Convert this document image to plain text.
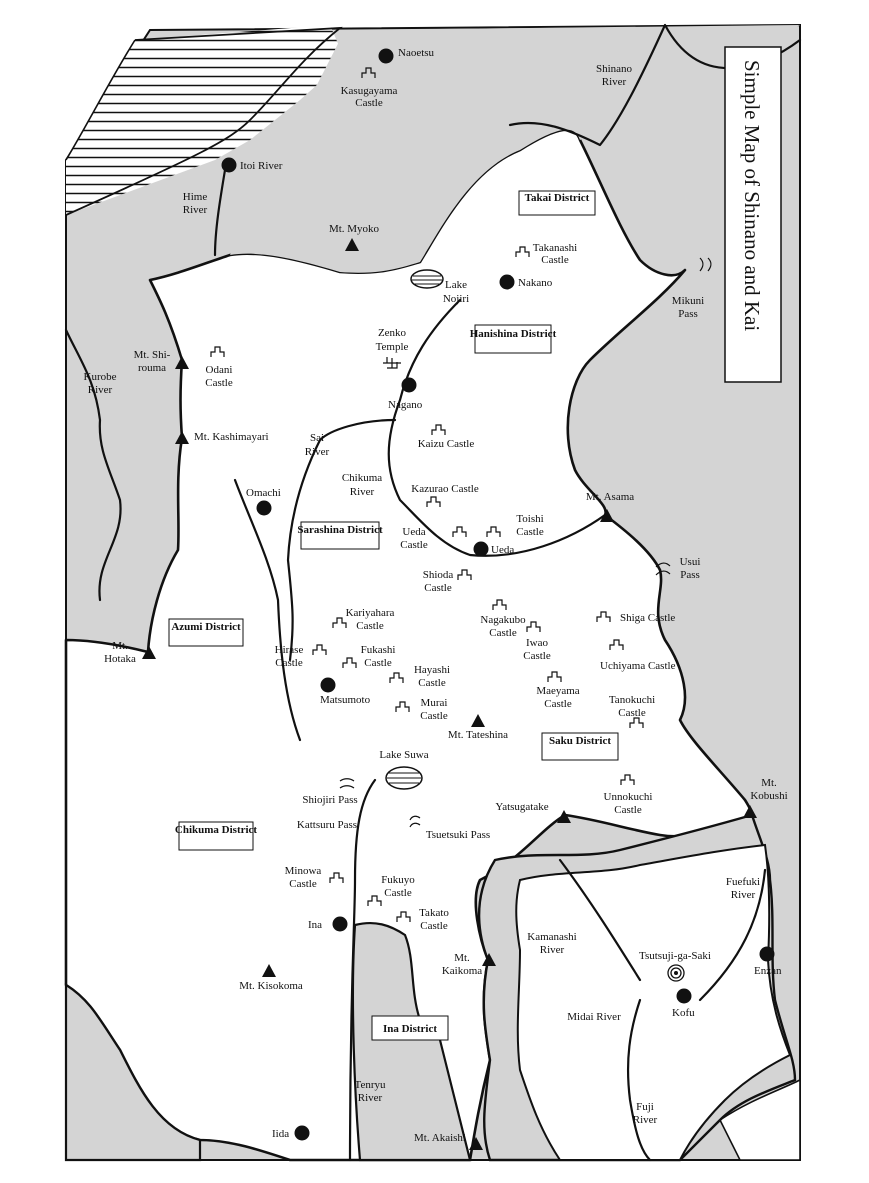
Simple Map of Shinano and Kai
Takai District
Hanishina District
Sarashina District
Azumi District
Saku District
Chikuma District
Ina District
Naoetsu
Itoi River
Nakano
Nagano
Omachi
Ueda
Matsumoto
Ina
Iida
Kofu
Enzan
Kasugayama
Castle
Takanashi
Castle
Odani
Castle
Kaizu Castle
Kazurao Castle
Ueda
Castle
Toishi
Castle
Shioda
Castle
Kariyahara
Castle	Nagakubo
Castle
Iwao
Castle
Shiga Castle
Hirase
Castle
Fukashi
Castle
Hayashi
Castle
Uchiyama Castle
Maeyama
Castle
Murai
Castle
Tanokuchi
Castle
Unnokuchi
Castle
Minowa
Castle	Fukuyo
Castle
Takato
Castle
Mt. Myoko
Mt. Shi-
rouma
Mt. Kashimayari
Mt. Asama
Mt.
Hotaka
Mt. Tateshina
Mt.
Kobushi
Yatsugatake
Mt. Kisokoma
Mt.
Kaikoma
Mt. Akaishi
Shinano
River
Hime
River
Kurobe
River
Sai
River
Chikuma
River
Fuefuki
River
Kamanashi
River
Midai River
Tenryu
River
Fuji
River
Lake
Nojiri
Lake Suwa
Mikuni
Pass
Usui
Pass
Shiojiri Pass
Kattsuru Pass
Tsuetsuki Pass
Zenko
Temple
Tsutsuji-ga-Saki
